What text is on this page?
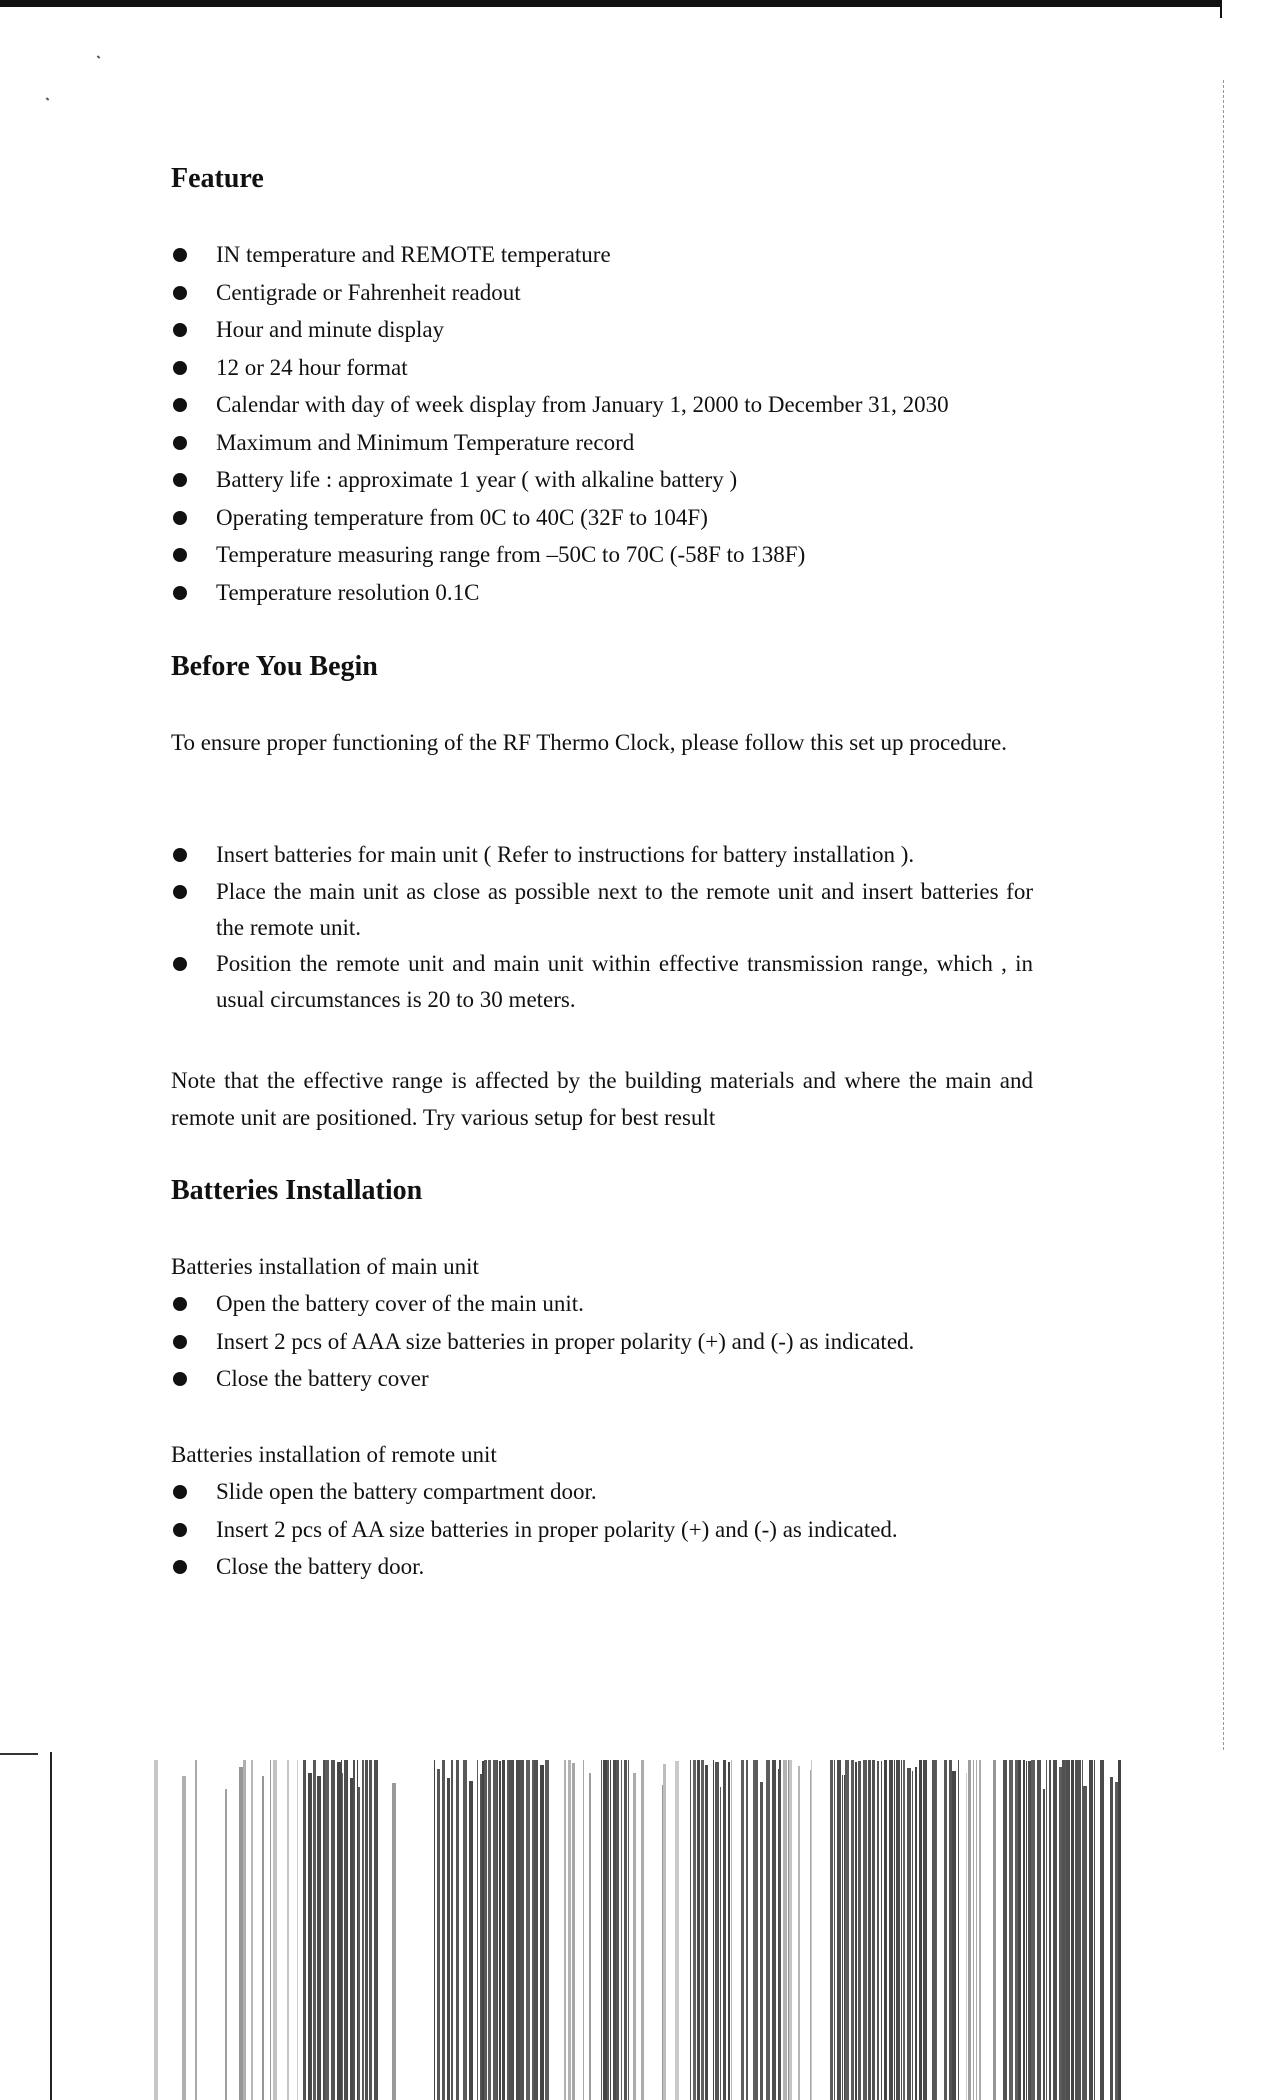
Feature
IN temperature and REMOTE temperature
Centigrade or Fahrenheit readout
Hour and minute display
12 or 24 hour format
Calendar with day of week display from January 1, 2000 to December 31, 2030
Maximum and Minimum Temperature record
Battery life : approximate 1 year ( with alkaline battery )
Operating temperature from 0C to 40C (32F to 104F)
Temperature measuring range from –50C to 70C (-58F to 138F)
Temperature resolution 0.1C
Before You Begin

To ensure proper functioning of the RF Thermo Clock, please follow this set up procedure.

Insert batteries for main unit ( Refer to instructions for battery installation ).
Place the main unit as close as possible next to the remote unit and insert batteries for the remote unit.
Position the remote unit and main unit within effective transmission range, which , in usual circumstances is 20 to 30 meters.

Note that the effective range is affected by the building materials and where the main and remote unit are positioned. Try various setup for best result

Batteries Installation

Batteries installation of main unit

Open the battery cover of the main unit.
Insert 2 pcs of AAA size batteries in proper polarity (+) and (-) as indicated.
Close the battery cover

Batteries installation of remote unit

Slide open the battery compartment door.
Insert 2 pcs of AA size batteries in proper polarity (+) and (-) as indicated.
Close the battery door.
